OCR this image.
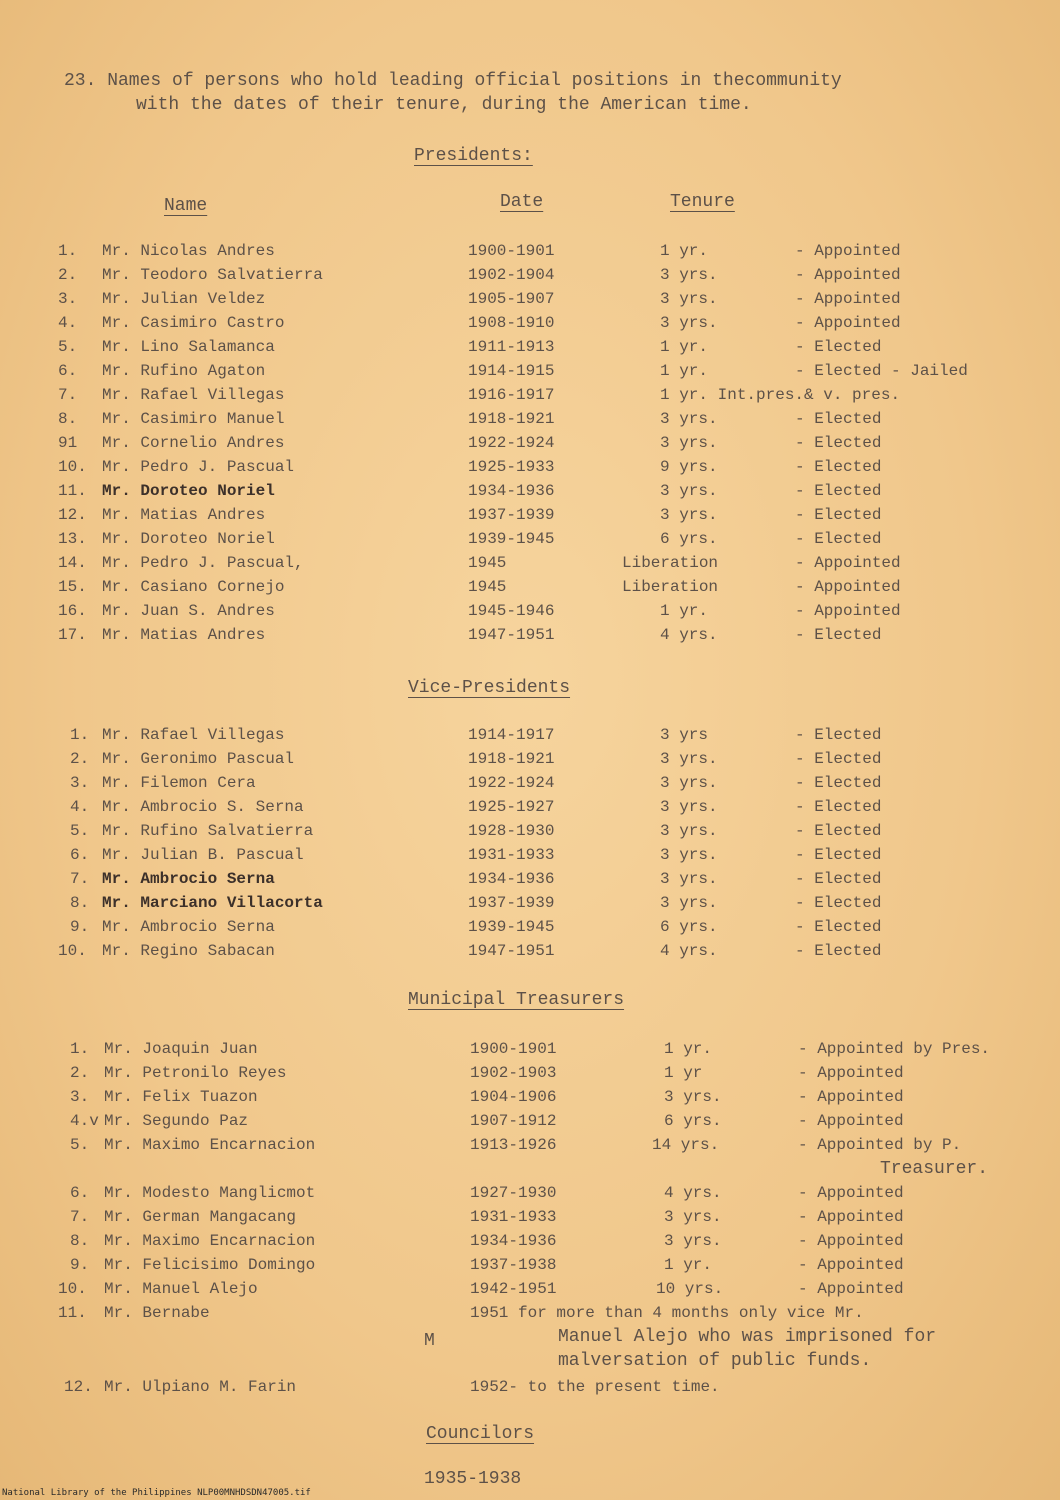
23. Names of persons who hold leading official positions in thecommunity
with the dates of their tenure, during the American time.
Presidents:
Name	Date	Tenure
1. Mr. Nicolas Andres	1900-1901	1 yr.	- Appointed
2. Mr. Teodoro Salvatierra	1902-1904	3 yrs.	- Appointed
3. Mr. Julian Veldez	1905-1907	3 yrs.	- Appointed
4. Mr. Casimiro Castro	1908-1910	3 yrs.	- Appointed
5. Mr. Lino Salamanca	1911-1913	1 yr.	- Elected
6. Mr. Rufino Agaton	1914-1915	1 yr.	- Elected - Jailed
7. Mr. Rafael Villegas	1916-1917	1 yr. Int.pres.& v. pres.
8. Mr. Casimiro Manuel	1918-1921	3 yrs.	- Elected
91 Mr. Cornelio Andres	1922-1924	3 yrs.	- Elected
10. Mr. Pedro J. Pascual	1925-1933	9 yrs.	- Elected
11. Mr. Doroteo Noriel	1934-1936	3 yrs.	- Elected
12. Mr. Matias Andres	1937-1939	3 yrs.	- Elected
13. Mr. Doroteo Noriel	1939-1945	6 yrs.	- Elected
14. Mr. Pedro J. Pascual,	1945	Liberation	- Appointed
15. Mr. Casiano Cornejo	1945	Liberation	- Appointed
16. Mr. Juan S. Andres	1945-1946	1 yr.	- Appointed
17. Mr. Matias Andres	1947-1951	4 yrs.	- Elected
Vice-Presidents
1. Mr. Rafael Villegas	1914-1917	3 yrs	- Elected
2. Mr. Geronimo Pascual	1918-1921	3 yrs.	- Elected
3. Mr. Filemon Cera	1922-1924	3 yrs.	- Elected
4. Mr. Ambrocio S. Serna	1925-1927	3 yrs.	- Elected
5. Mr. Rufino Salvatierra	1928-1930	3 yrs.	- Elected
6. Mr. Julian B. Pascual	1931-1933	3 yrs.	- Elected
7. Mr. Ambrocio Serna	1934-1936	3 yrs.	- Elected
8. Mr. Marciano Villacorta	1937-1939	3 yrs.	- Elected
9. Mr. Ambrocio Serna	1939-1945	6 yrs.	- Elected
10. Mr. Regino Sabacan	1947-1951	4 yrs.	- Elected
Municipal Treasurers
1. Mr. Joaquin Juan	1900-1901	1 yr.	- Appointed by Pres.
2. Mr. Petronilo Reyes	1902-1903	1 yr	- Appointed
3. Mr. Felix Tuazon	1904-1906	3 yrs.	- Appointed
4.v Mr. Segundo Paz	1907-1912	6 yrs.	- Appointed
5. Mr. Maximo Encarnacion	1913-1926	14 yrs.	- Appointed by P.
Treasurer.
6. Mr. Modesto Manglicmot	1927-1930	4 yrs.	- Appointed
7. Mr. German Mangacang	1931-1933	3 yrs.	- Appointed
8. Mr. Maximo Encarnacion	1934-1936	3 yrs.	- Appointed
9. Mr. Felicisimo Domingo	1937-1938	1 yr.	- Appointed
10. Mr. Manuel Alejo	1942-1951	10 yrs.	- Appointed
11. Mr. Bernabe	1951 for more than 4 months only vice Mr.
M	Manuel Alejo who was imprisoned for
malversation of public funds.
12. Mr. Ulpiano M. Farin	1952- to the present time.
Councilors
1935-1938
National Library of the Philippines NLP00MNHDSDN47005.tif
